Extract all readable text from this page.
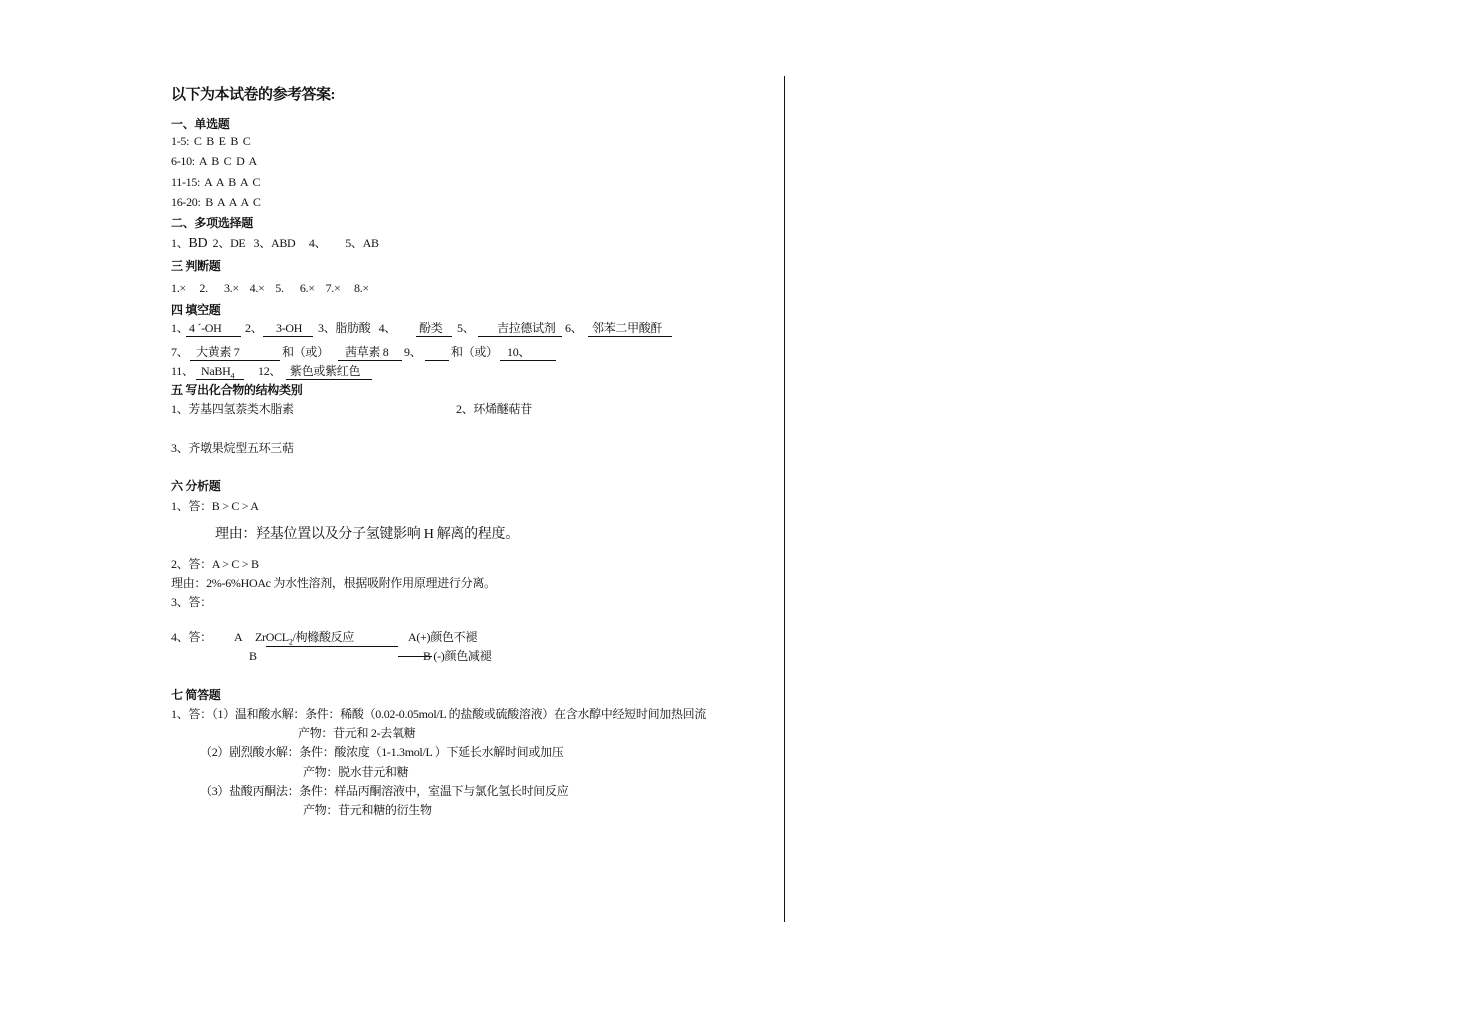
以下为本试卷的参考答案:
一、单选题
1-5: C B E B C
6-10: A B C D A
11-15: A A B A C
16-20: B A A A C
二、多项选择题
1、BD  2、DE   3、ABD     4、       5、AB
三 判断题
1.×     2.      3.×    4.×    5.      6.×    7.×     8.×
四 填空题
1、 4 ´-OH 2、 3-OH 3、脂肪酸   4、 酚类 5、 吉拉德试剂 6、 邻苯二甲酸酐
7、 大黄素 7	和（或） 茜草素 8 9、 和（或） 10、
11、 NaBH$_4$ 12、 紫色或紫红色
五 写出化合物的结构类别
1、芳基四氢萘类木脂素	2、环烯醚萜苷
3、齐墩果烷型五环三萜
六 分析题
1、答：B > C > A
理由：羟基位置以及分子氢键影响 H 解离的程度。
2、答：A > C > B
理由：2%-6%HOAc 为水性溶剂，根据吸附作用原理进行分离。
3、答：
4、答： A ZrOCL$_2$/枸橼酸反应	A(+)颜色不褪
B	B (-)颜色减褪
七 简答题
1、答：（1）温和酸水解：条件：稀酸（0.02-0.05mol/L 的盐酸或硫酸溶液）在含水醇中经短时间加热回流
产物：苷元和 2-去氧糖
（2）剧烈酸水解：条件：酸浓度（1-1.3mol/L ）下延长水解时间或加压
产物：脱水苷元和糖
（3）盐酸丙酮法：条件：样品丙酮溶液中，室温下与氯化氢长时间反应
产物：苷元和糖的衍生物
